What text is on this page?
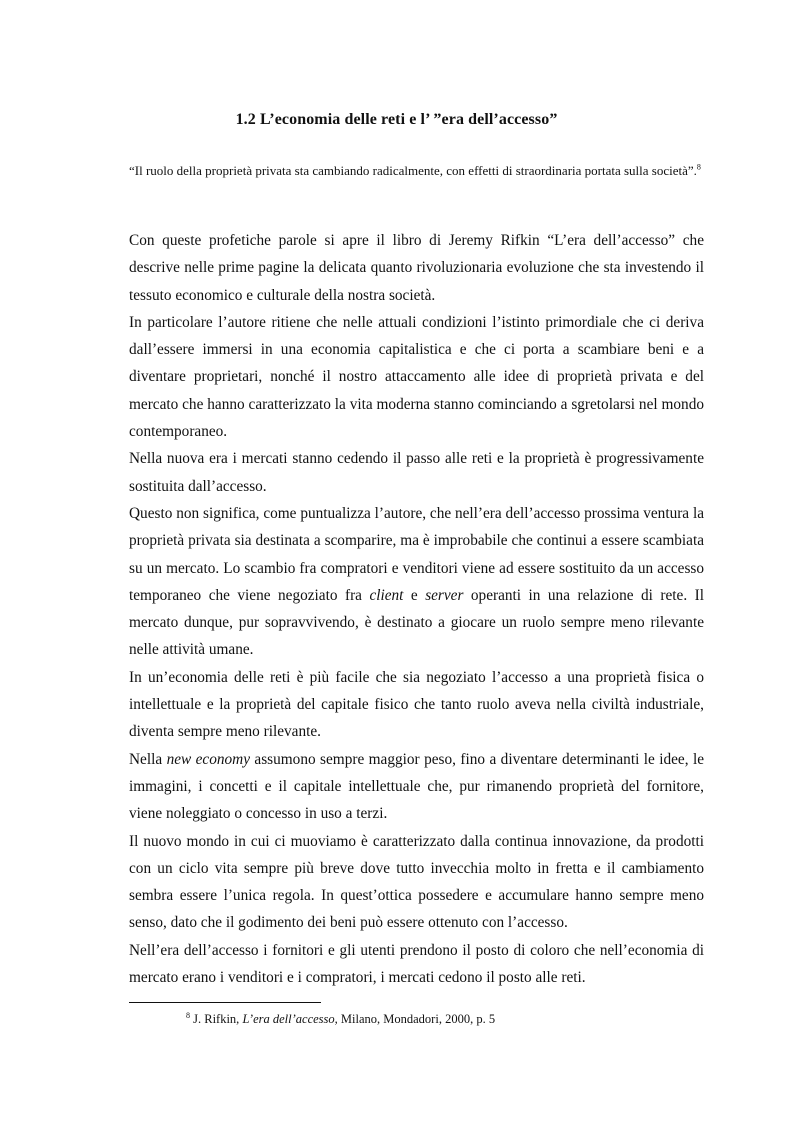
1.2 L’economia delle reti e l’ ”era dell’accesso”
“Il ruolo della proprietà privata sta cambiando radicalmente, con effetti di straordinaria portata sulla società”.$^8$

Con queste profetiche parole si apre il libro di Jeremy Rifkin “L’era dell’accesso” che descrive nelle prime pagine la delicata quanto rivoluzionaria evoluzione che sta investendo il tessuto economico e culturale della nostra società.

In particolare l’autore ritiene che nelle attuali condizioni l’istinto primordiale che ci deriva dall’essere immersi in una economia capitalistica e che ci porta a scambiare beni e a diventare proprietari, nonché il nostro attaccamento alle idee di proprietà privata e del mercato che hanno caratterizzato la vita moderna stanno cominciando a sgretolarsi nel mondo contemporaneo.

Nella nuova era i mercati stanno cedendo il passo alle reti e la proprietà è progressivamente sostituita dall’accesso.

Questo non significa, come puntualizza l’autore, che nell’era dell’accesso prossima ventura la proprietà privata sia destinata a scomparire, ma è improbabile che continui a essere scambiata su un mercato. Lo scambio fra compratori e venditori viene ad essere sostituito da un accesso temporaneo che viene negoziato fra client e server operanti in una relazione di rete. Il mercato dunque, pur sopravvivendo, è destinato a giocare un ruolo sempre meno rilevante nelle attività umane.

In un’economia delle reti è più facile che sia negoziato l’accesso a una proprietà fisica o intellettuale e la proprietà del capitale fisico che tanto ruolo aveva nella civiltà industriale, diventa sempre meno rilevante.

Nella new economy assumono sempre maggior peso, fino a diventare determinanti le idee, le immagini, i concetti e il capitale intellettuale che, pur rimanendo proprietà del fornitore, viene noleggiato o concesso in uso a terzi.

Il nuovo mondo in cui ci muoviamo è caratterizzato dalla continua innovazione, da prodotti con un ciclo vita sempre più breve dove tutto invecchia molto in fretta e il cambiamento sembra essere l’unica regola. In quest’ottica possedere e accumulare hanno sempre meno senso, dato che il godimento dei beni può essere ottenuto con l’accesso.

Nell’era dell’accesso i fornitori e gli utenti prendono il posto di coloro che nell’economia di mercato erano i venditori e i compratori, i mercati cedono il posto alle reti.

$^8$ J. Rifkin, L’era dell’accesso, Milano, Mondadori, 2000, p. 5
